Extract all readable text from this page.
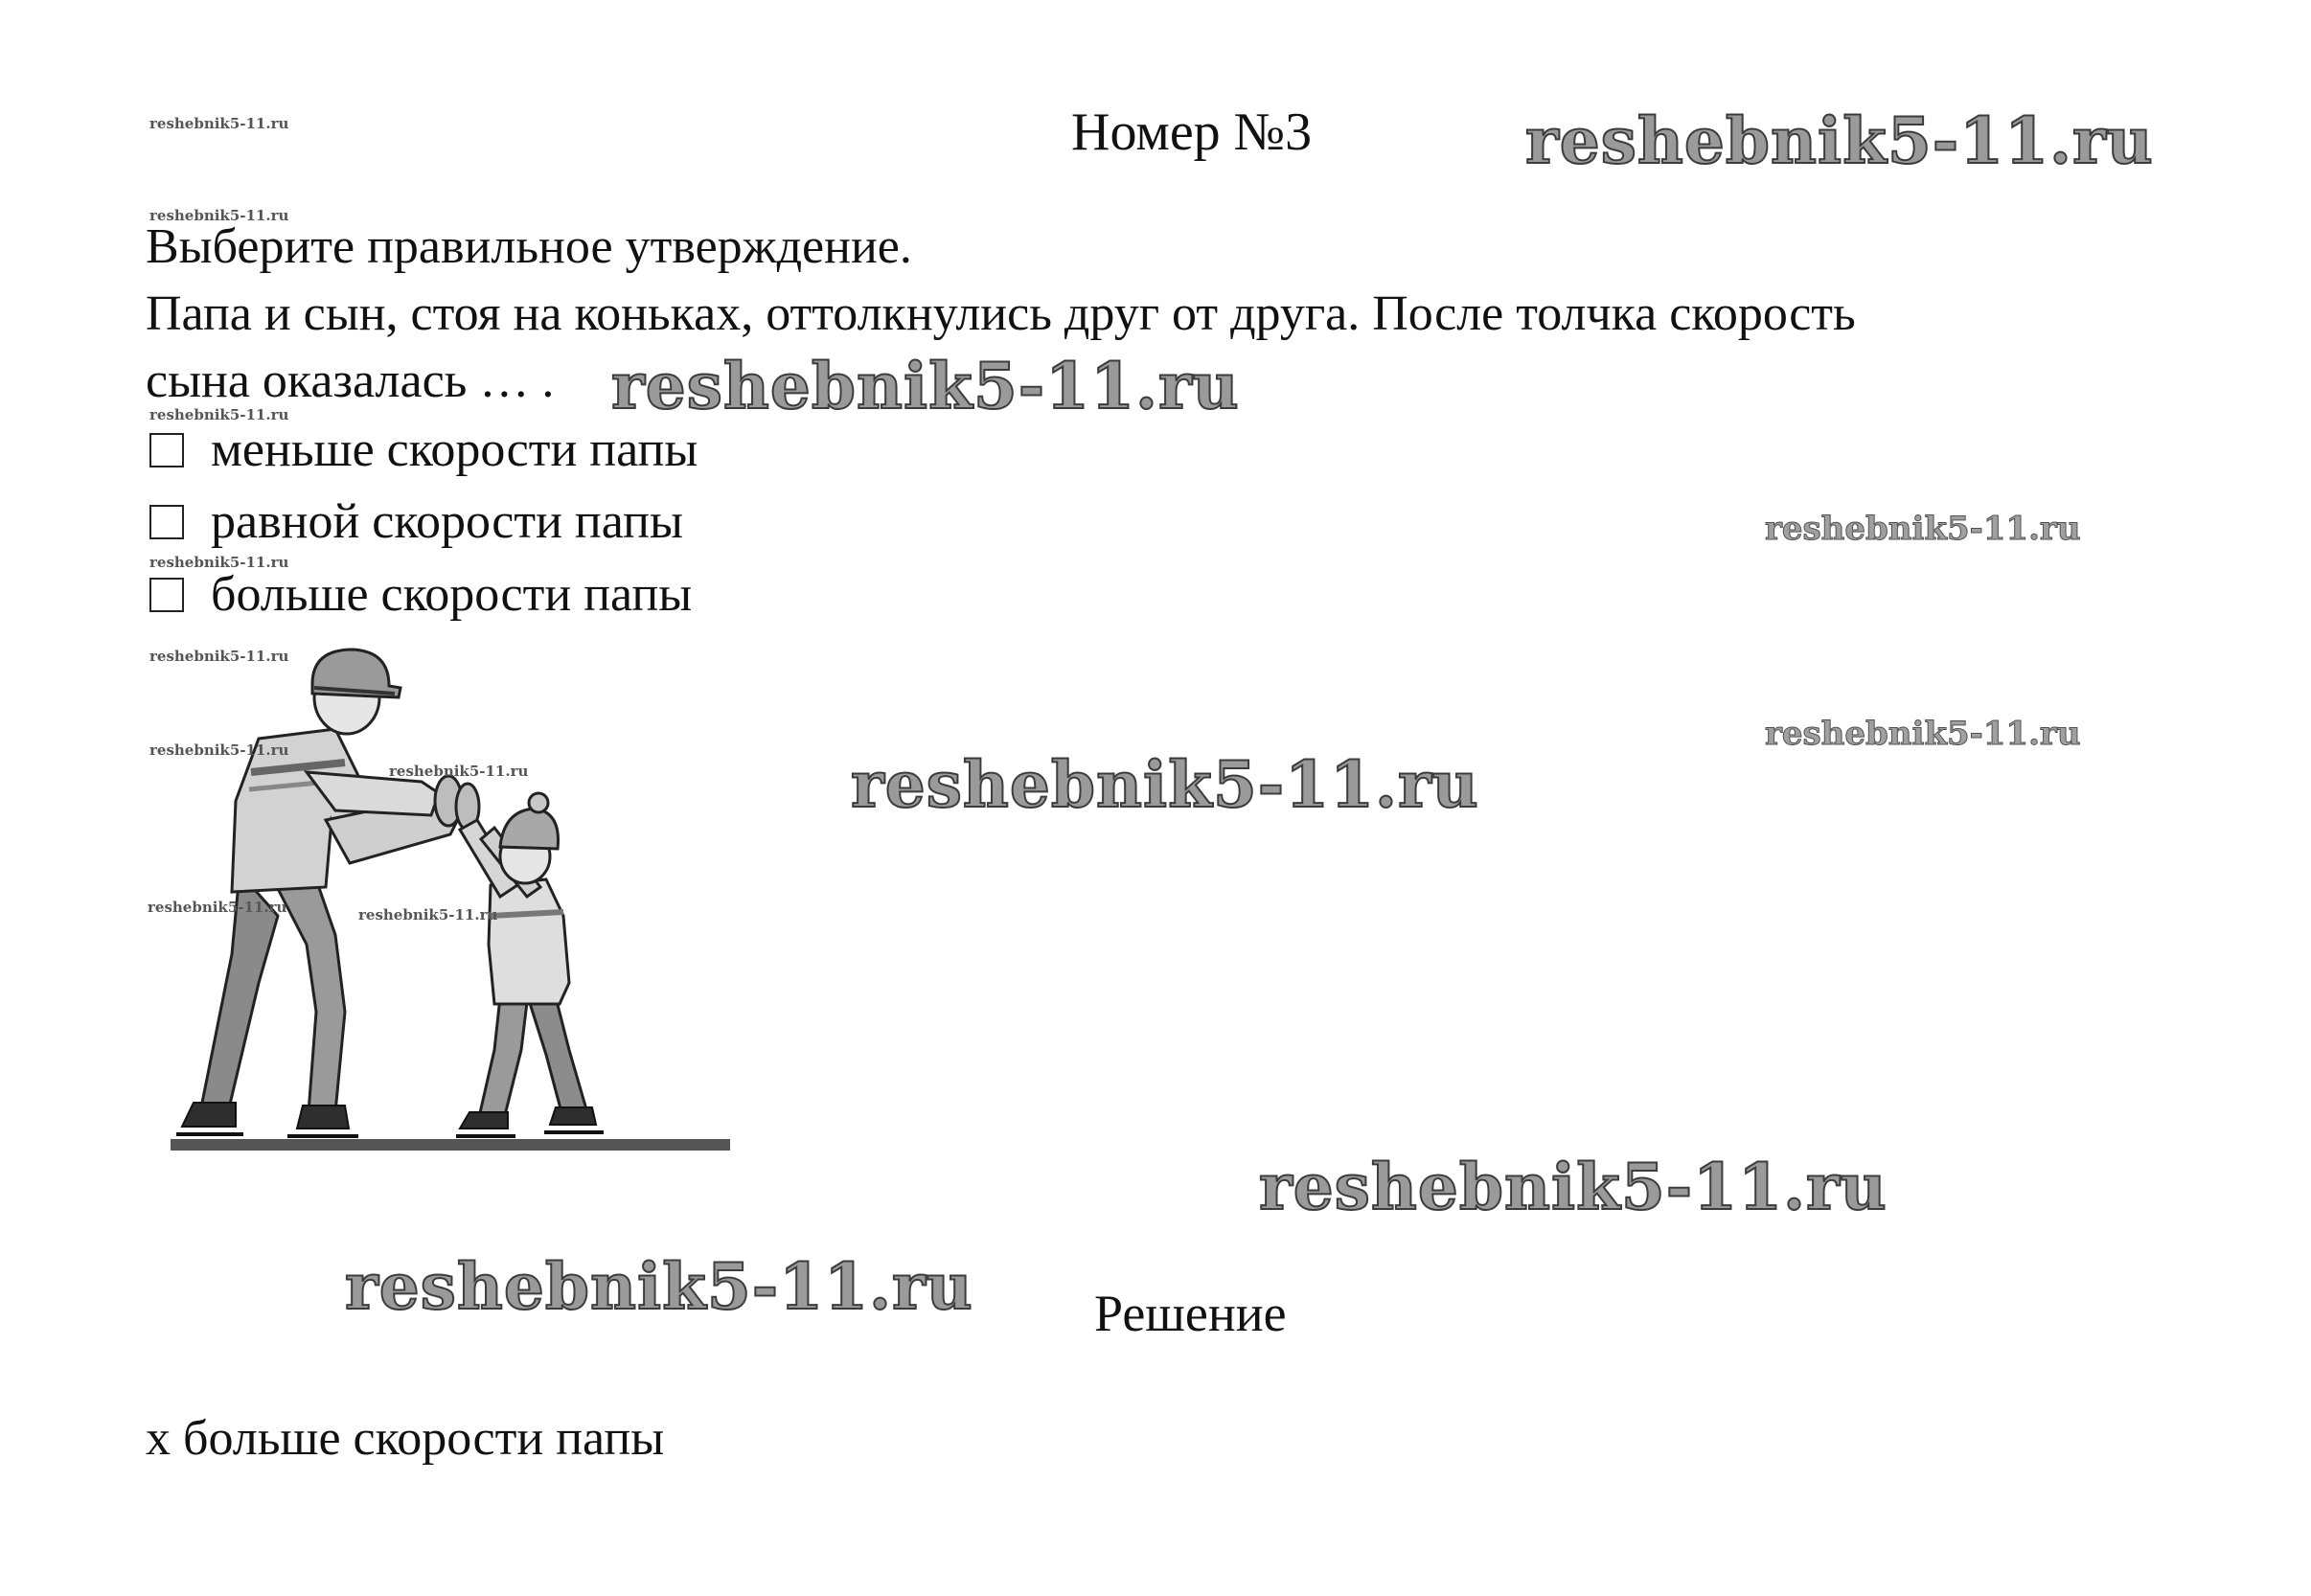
reshebnik5-11.ru
reshebnik5-11.ru
reshebnik5-11.ru
reshebnik5-11.ru
Номер №3	reshebnik5-11.ru
Выберите правильное утверждение.
Папа и сын, стоя на коньках, оттолкнулись друг от друга. После толчка скорость
сына оказалась … . reshebnik5-11.ru
меньше скорости папы
равной скорости папы	reshebnik5-11.ru
больше скорости папы
reshebnik5-11.ru
reshebnik5-11.ru
reshebnik5-11.ru
reshebnik5-11.ru	reshebnik5-11.ru
reshebnik5-11.ru
reshebnik5-11.ru
reshebnik5-11.ru
reshebnik5-11.ru Решение
х больше скорости папы
